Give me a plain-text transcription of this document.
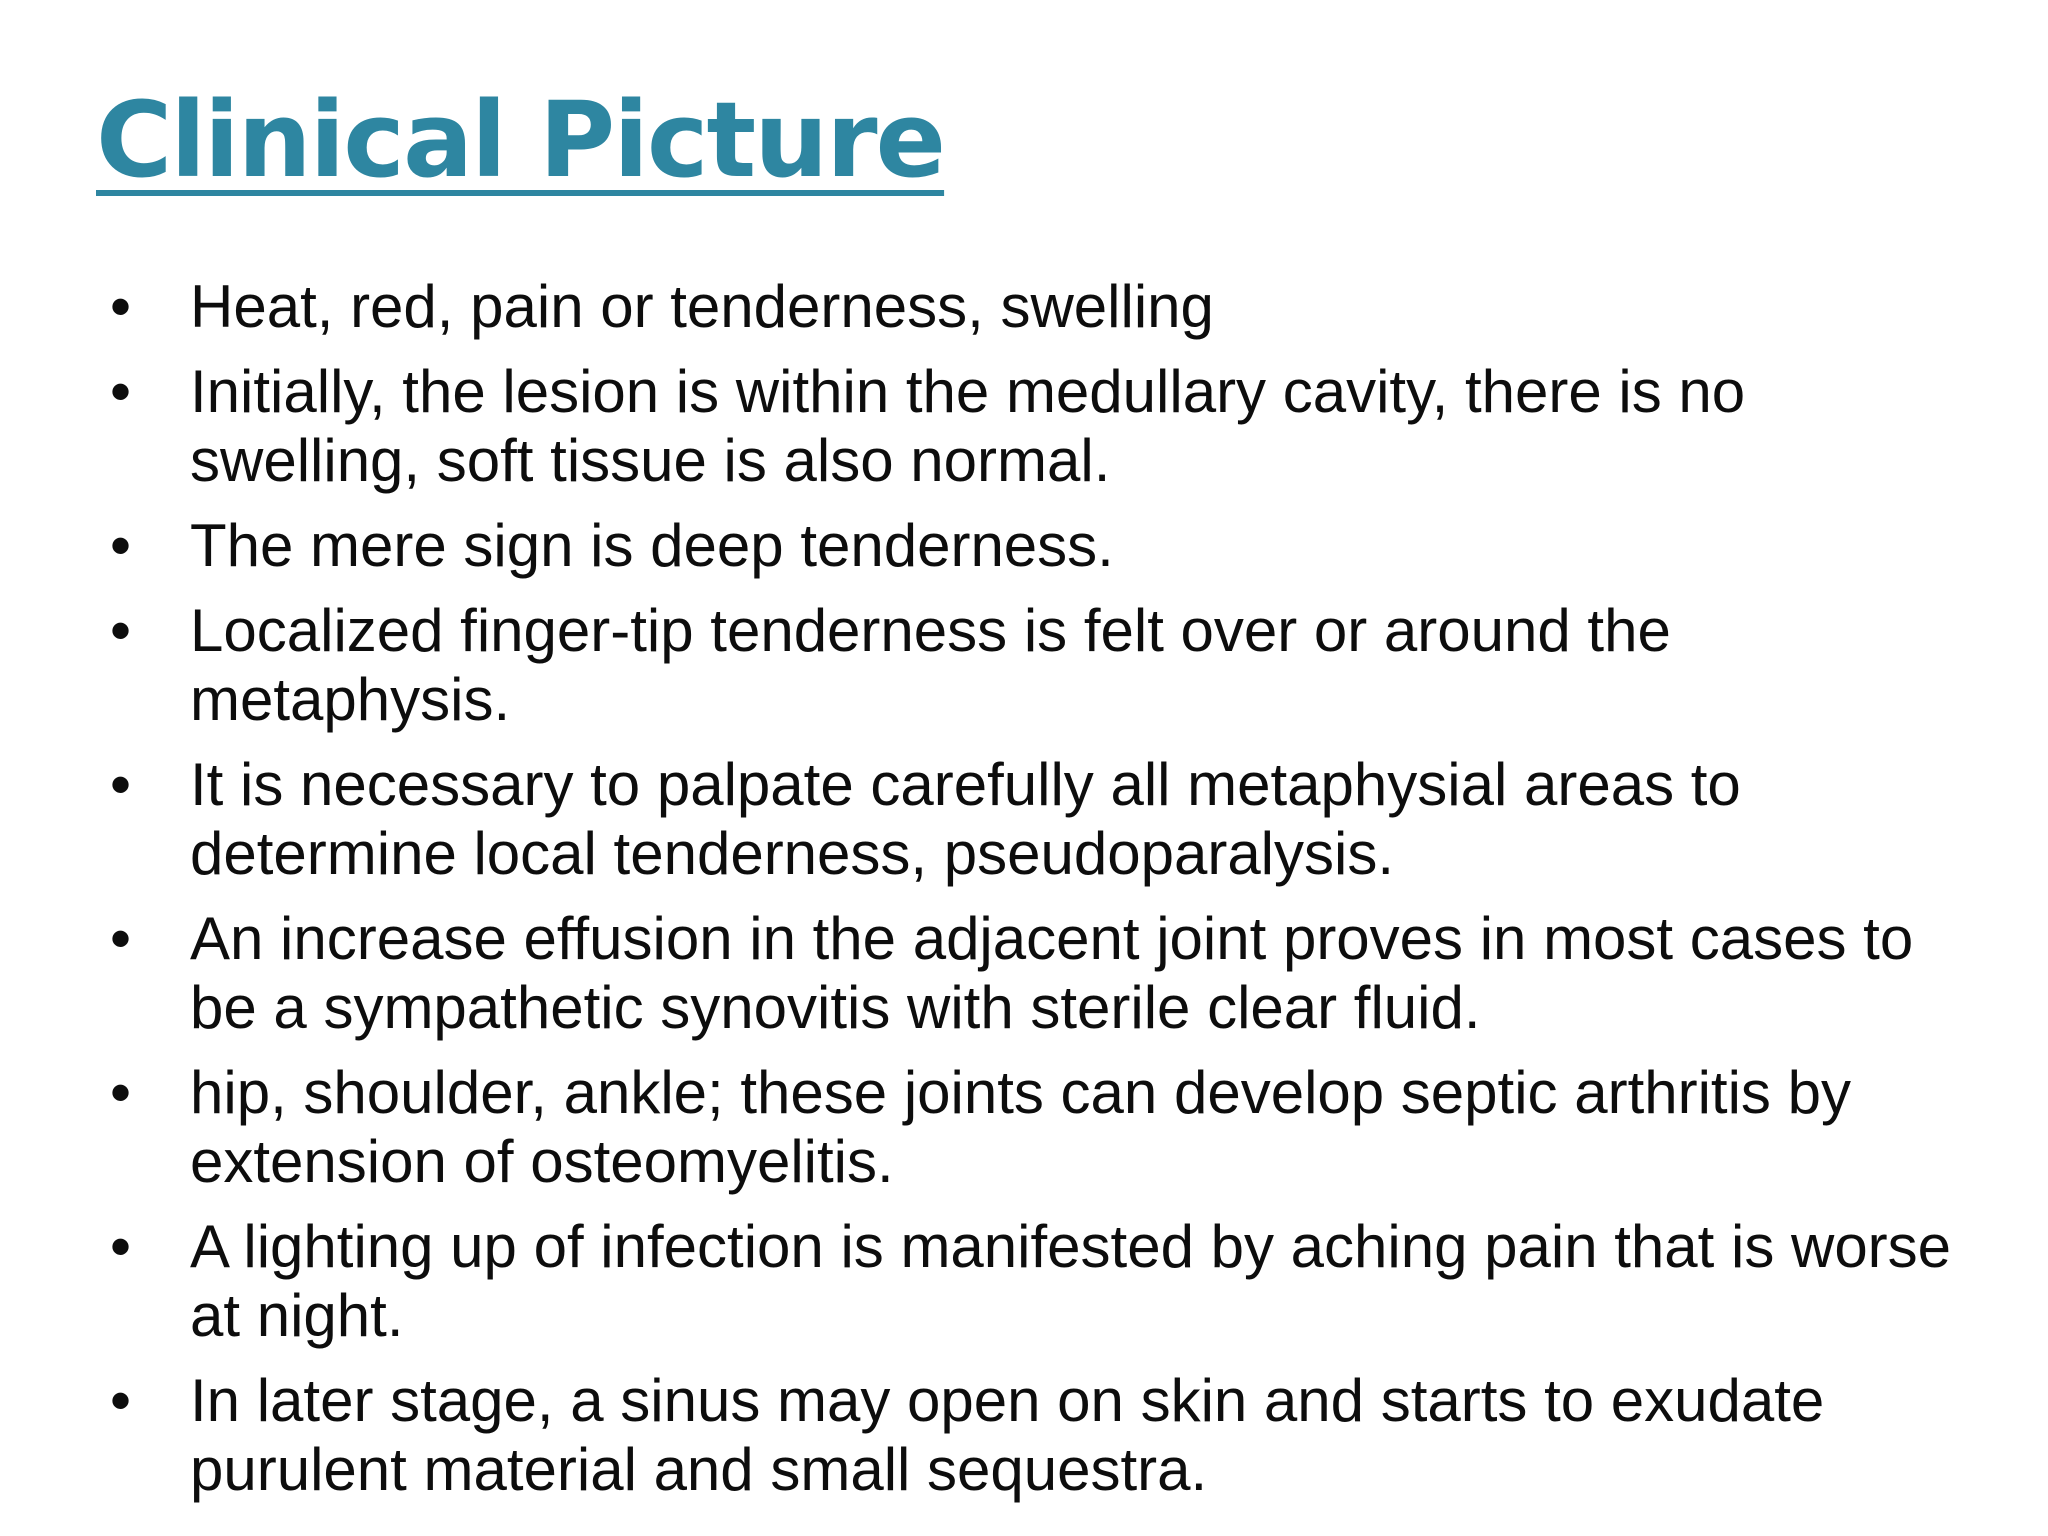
Clinical Picture
• Heat, red, pain or tenderness, swelling
• Initially, the lesion is within the medullary cavity, there is no swelling, soft tissue is also normal.
• The mere sign is deep tenderness.
• Localized finger-tip tenderness is felt over or around the metaphysis.
• It is necessary to palpate carefully all metaphysial areas to determine local tenderness, pseudoparalysis.
• An increase effusion in the adjacent joint proves in most cases to be a sympathetic synovitis with sterile clear fluid.
• hip, shoulder, ankle; these joints can develop septic arthritis by extension of osteomyelitis.
• A lighting up of infection is manifested by aching pain that is worse at night.
• In later stage, a sinus may open on skin and starts to exudate purulent material and small sequestra.
